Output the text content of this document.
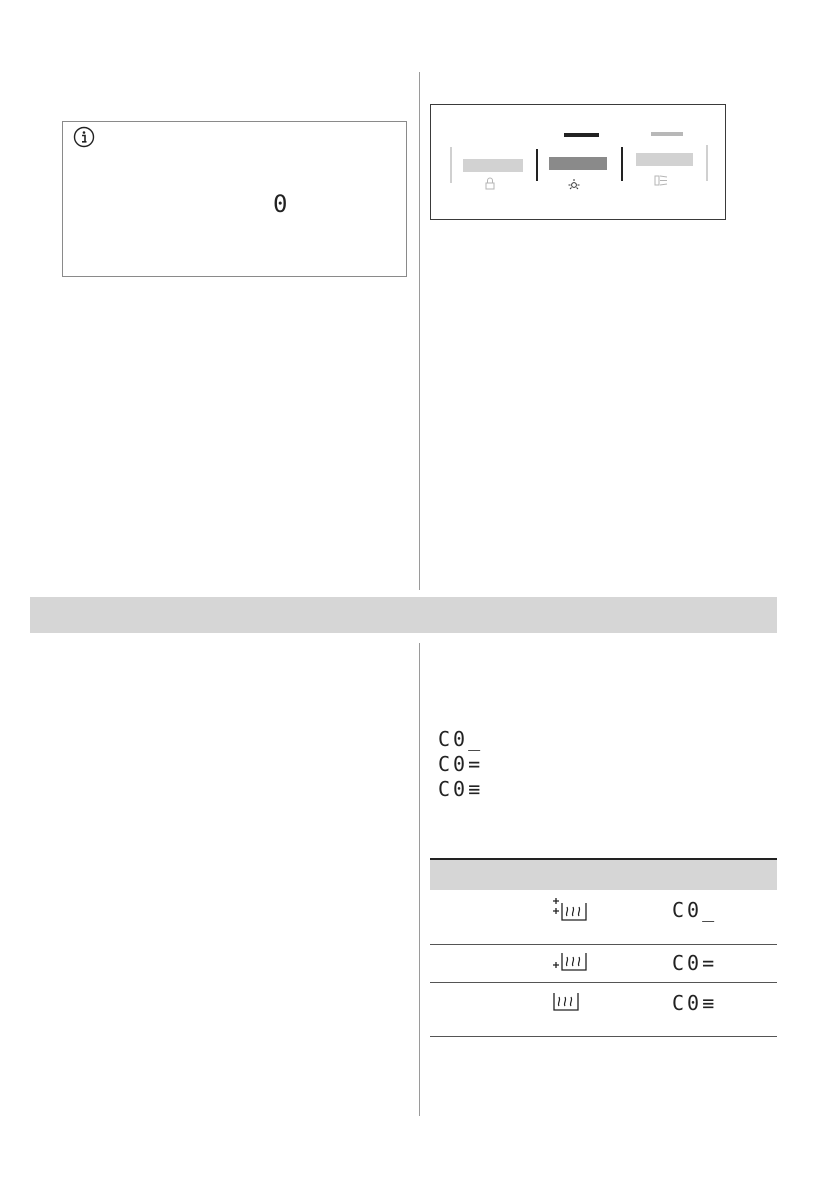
0
C0_
C0=
C0≡
C0_
C0=
C0≡
